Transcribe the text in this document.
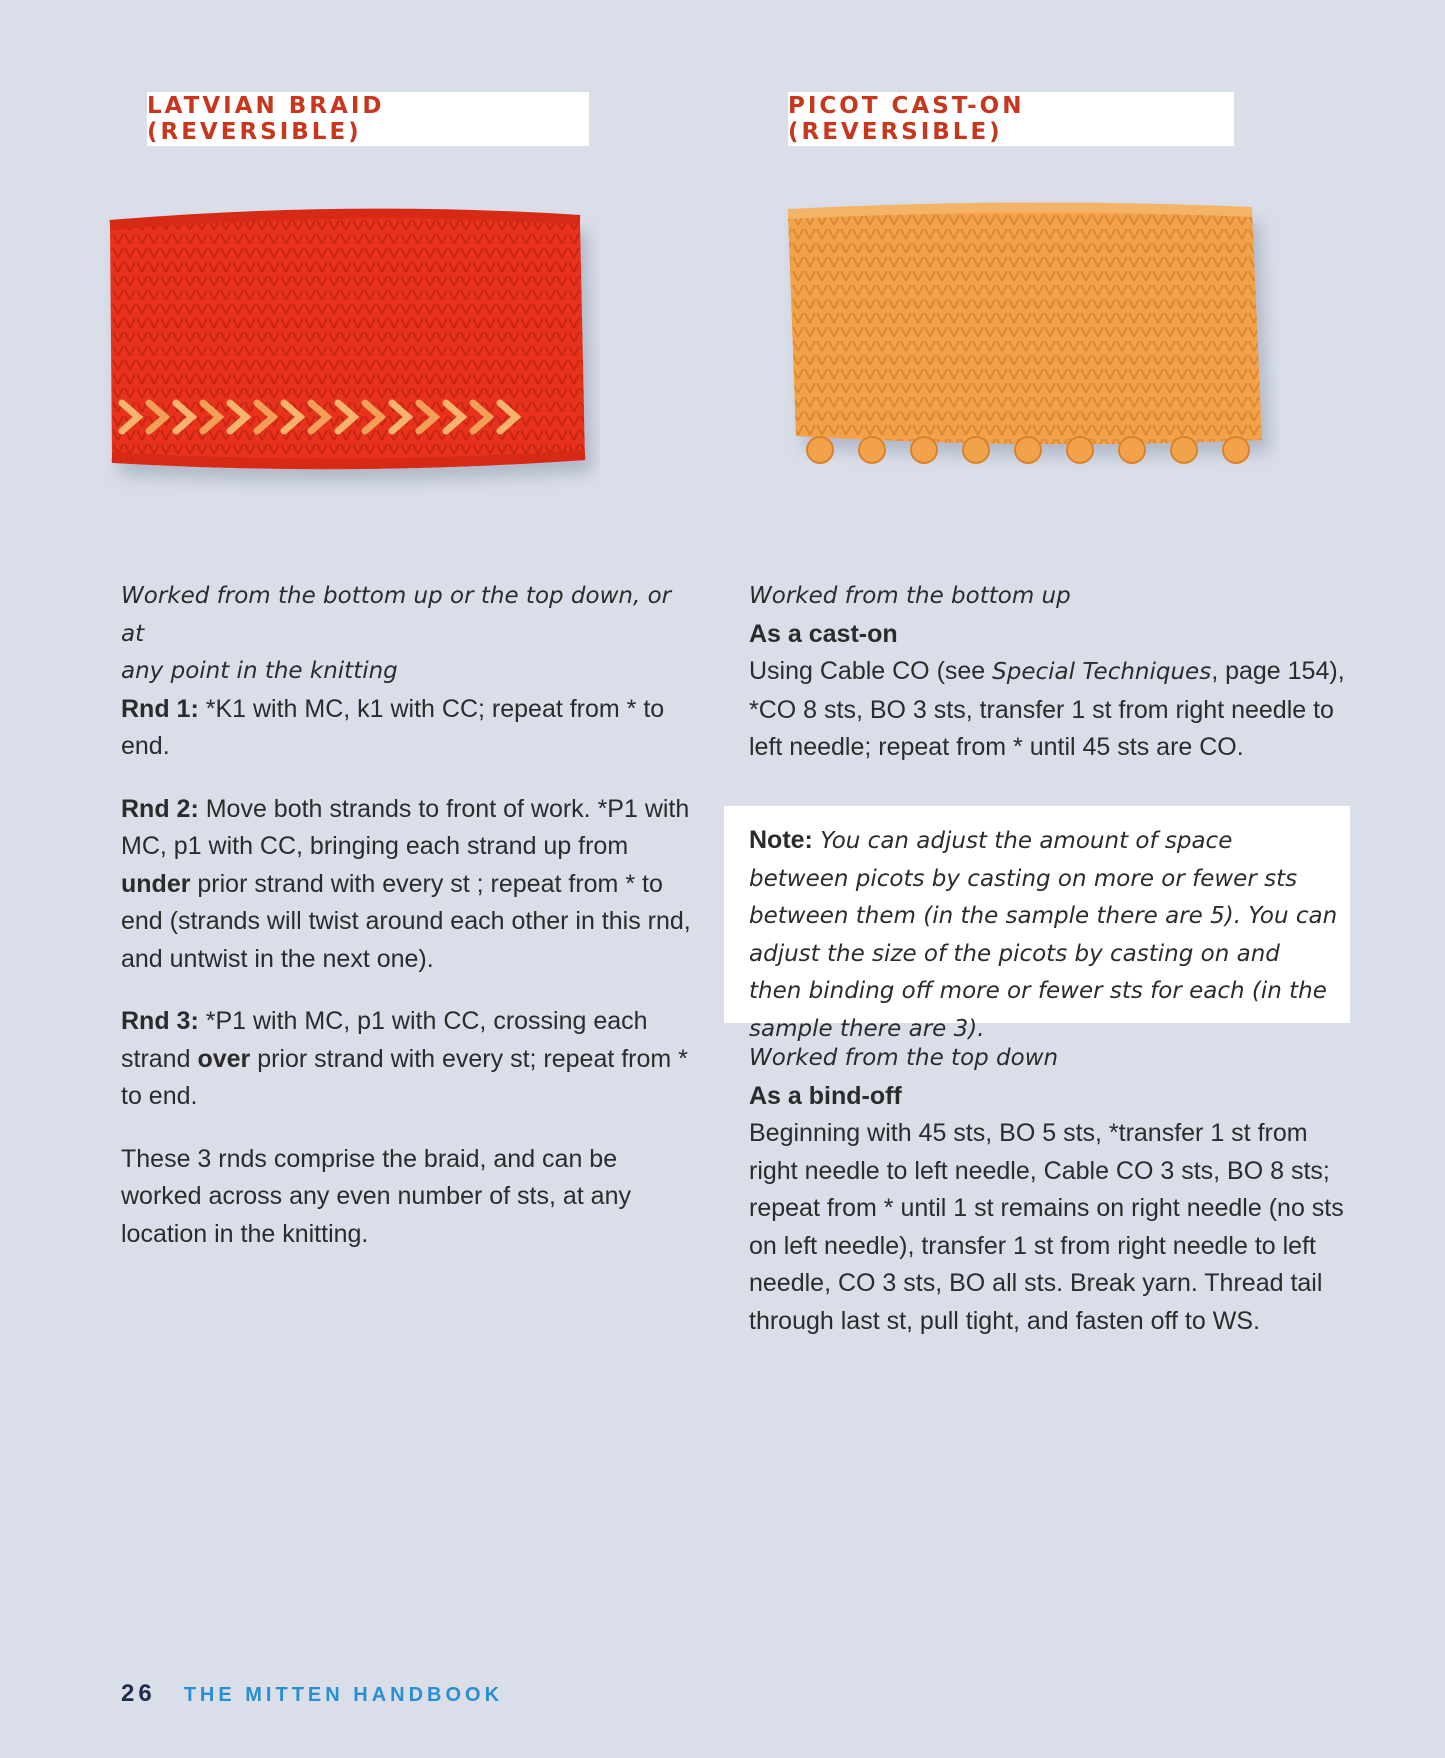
LATVIAN BRAID (REVERSIBLE)
PICOT CAST-ON (REVERSIBLE)

Worked from the bottom up or the top down, or at

any point in the knitting

Rnd 1: *K1 with MC, k1 with CC; repeat from * to end.

Rnd 2: Move both strands to front of work. *P1 with MC, p1 with CC, bringing each strand up from under prior strand with every st ; repeat from * to end (strands will twist around each other in this rnd, and untwist in the next one).

Rnd 3: *P1 with MC, p1 with CC, crossing each strand over prior strand with every st; repeat from * to end.

These 3 rnds comprise the braid, and can be worked across any even number of sts, at any location in the knitting.

Worked from the bottom up

As a cast-on

Using Cable CO (see Special Techniques, page 154), *CO 8 sts, BO 3 sts, transfer 1 st from right needle to left needle; repeat from * until 45 sts are CO.

Note: You can adjust the amount of space between picots by casting on more or fewer sts between them (in the sample there are 5). You can adjust the size of the picots by casting on and then binding off more or fewer sts for each (in the sample there are 3).

Worked from the top down

As a bind-off

Beginning with 45 sts, BO 5 sts, *transfer 1 st from right needle to left needle, Cable CO 3 sts, BO 8 sts; repeat from * until 1 st remains on right needle (no sts on left needle), transfer 1 st from right needle to left needle, CO 3 sts, BO all sts. Break yarn. Thread tail through last st, pull tight, and fasten off to WS.

26 THE MITTEN HANDBOOK
